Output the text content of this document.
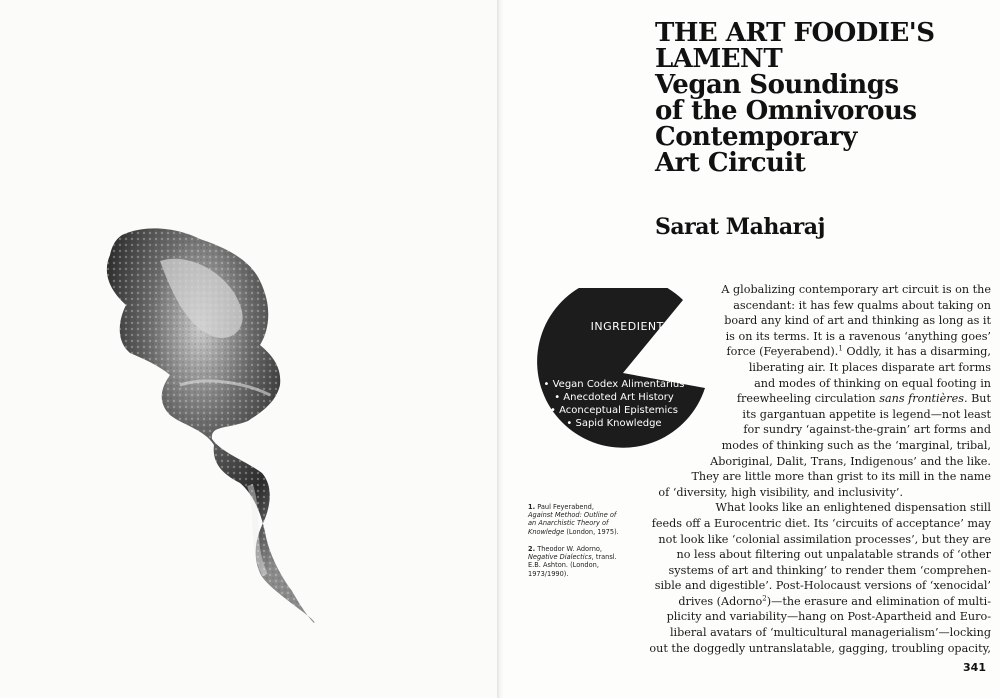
THE ART FOODIE'S
LAMENT
Vegan Soundings
of the Omnivorous
Contemporary
Art Circuit
Sarat Maharaj
INGREDIENTS
• Vegan Codex Alimentarius
• Anecdoted Art History
• Aconceptual Epistemics
• Sapid Knowledge
A globalizing contemporary art circuit is on the
ascendant: it has few qualms about taking on
board any kind of art and thinking as long as it
is on its terms. It is a ravenous ‘anything goes’
force (Feyerabend).$^1$ Oddly, it has a disarming,
liberating air. It places disparate art forms
and modes of thinking on equal footing in
freewheeling circulation sans frontières. But
its gargantuan appetite is legend—not least
for sundry ‘against-the-grain’ art forms and
modes of thinking such as the ‘marginal, tribal,
Aboriginal, Dalit, Trans, Indigenous’ and the like.
They are little more than grist to its mill in the name
of ‘diversity, high visibility, and inclusivity’.
What looks like an enlightened dispensation still
feeds off a Eurocentric diet. Its ‘circuits of acceptance’ may
not look like ‘colonial assimilation processes’, but they are
no less about filtering out unpalatable strands of ‘other
systems of art and thinking’ to render them ‘comprehen-
sible and digestible’. Post-Holocaust versions of ‘xenocidal’
drives (Adorno$^2$)—the erasure and elimination of multi-
plicity and variability—hang on Post-Apartheid and Euro-
liberal avatars of ‘multicultural managerialism’—locking
out the doggedly untranslatable, gagging, troubling opacity,
1. Paul Feyerabend,
Against Method: Outline of an Anarchistic Theory of Knowledge (London, 1975).
2. Theodor W. Adorno,
Negative Dialectics, transl. E.B. Ashton. (London, 1973/1990).
341
